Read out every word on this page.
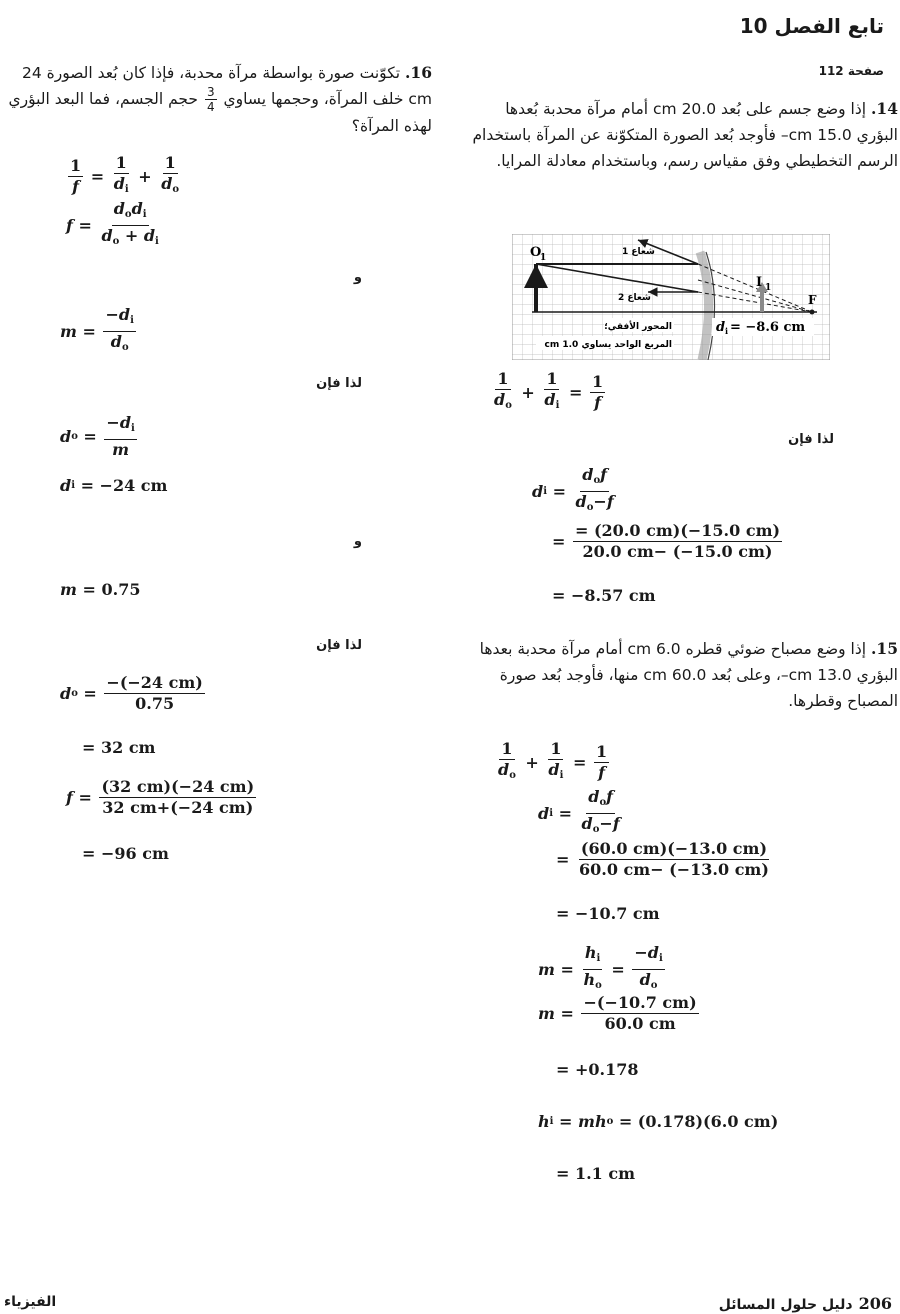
تابع الفصل 10
صفحة 112
14. إذا وضع جسم على بُعد 20.0 cm أمام مرآة محدبة بُعدها البؤري 15.0 cm– فأوجد بُعد الصورة المتكوّنة عن المرآة باستخدام الرسم التخطيطي وفق مقياس رسم، وباستخدام معادلة المرايا.
O
1
I 1
F
شعاع 1
شعاع 2
المحور الأفقي؛
المربع الواحد يساوي 1.0 cm
d i = −8.6 cm
$\frac{1}{d_o} + \frac{1}{d_i} = \frac{1}{f}$
لذا فإن
d $i = \frac{d_of}{d_o-f}$
= $\frac{= (20.0 cm)(-15.0 cm)}{20.0 cm- (-15.0 cm)}$
= −8.57 cm
15. إذا وضع مصباح ضوئي قطره 6.0 cm أمام مرآة محدبة بعدها البؤري 13.0 cm–، وعلى بُعد 60.0 cm منها، فأوجد بُعد صورة المصباح وقطرها.
$\frac{1}{d_o} + \frac{1}{d_i} = \frac{1}{f}$
d $i = \frac{d_of}{d_o-f}$
= $\frac{(60.0 cm)(-13.0 cm)}{60.0 cm- (-13.0 cm)}$
= −10.7 cm
$m = \frac{h_i}{h_o} = \frac{-d_i}{d_o}$
$m = \frac{-(-10.7 cm)}{60.0 cm}$
= +0.178
h i = m h o
= (0.178)(6.0 cm)
= 1.1 cm
16. تكوّنت صورة بواسطة مرآة محدبة، فإذا كان بُعد الصورة 24 cm خلف المرآة، وحجمها يساوي
$\frac{3}{4}$
حجم الجسم، فما البعد البؤري لهذه المرآة؟
$\frac{1}{f} = \frac{1}{d_i} + \frac{1}{d_o}$
$f = \frac{d_od_i}{d_o + d_i}$
و
$m = \frac{-d_i}{d_o}$
لذا فإن
d $o = \frac{-d_i}{m}$
d i
= −24 cm
و
m
= 0.75
لذا فإن
d $o = \frac{-(-24 cm)}{0.75}$
= 32 cm
$f = \frac{(32 cm)(-24 cm)}{32 cm+(-24 cm)}$
= −96 cm
الفيزياء	دليل حلول المسائل 206
